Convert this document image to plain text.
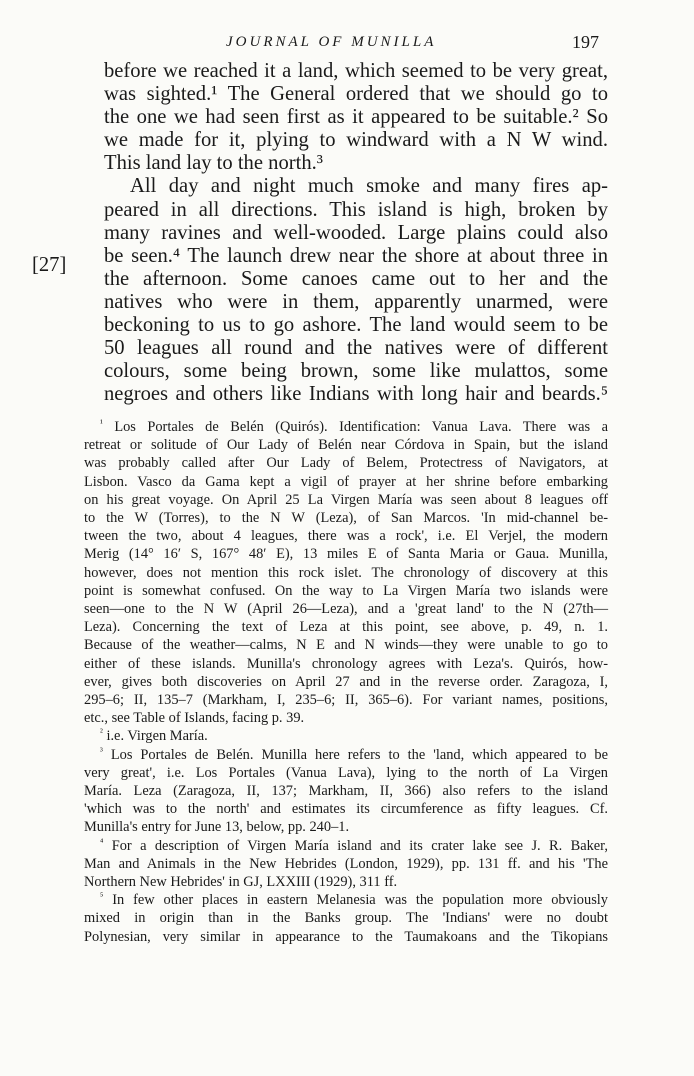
JOURNAL OF MUNILLA	197
[27]

before we reached it a land, which seemed to be very great,

was sighted.¹ The General ordered that we should go to

the one we had seen first as it appeared to be suitable.² So

we made for it, plying to windward with a N W wind.

This land lay to the north.³

All day and night much smoke and many fires ap-

peared in all directions. This island is high, broken by

many ravines and well-wooded. Large plains could also

be seen.⁴ The launch drew near the shore at about three in

the afternoon. Some canoes came out to her and the

natives who were in them, apparently unarmed, were

beckoning to us to go ashore. The land would seem to be

50 leagues all round and the natives were of different

colours, some being brown, some like mulattos, some

negroes and others like Indians with long hair and beards.⁵

$^{^1}$ Los Portales de Belén (Quirós). Identification: Vanua Lava. There was a

retreat or solitude of Our Lady of Belén near Córdova in Spain, but the island

was probably called after Our Lady of Belem, Protectress of Navigators, at

Lisbon. Vasco da Gama kept a vigil of prayer at her shrine before embarking

on his great voyage. On April 25 La Virgen María was seen about 8 leagues off

to the W (Torres), to the N W (Leza), of San Marcos. 'In mid-channel be-

tween the two, about 4 leagues, there was a rock', i.e. El Verjel, the modern

Merig (14° 16′ S, 167° 48′ E), 13 miles E of Santa Maria or Gaua. Munilla,

however, does not mention this rock islet. The chronology of discovery at this

point is somewhat confused. On the way to La Virgen María two islands were

seen—one to the N W (April 26—Leza), and a 'great land' to the N (27th—

Leza). Concerning the text of Leza at this point, see above, p. 49, n. 1.

Because of the weather—calms, N E and N winds—they were unable to go to

either of these islands. Munilla's chronology agrees with Leza's. Quirós, how-

ever, gives both discoveries on April 27 and in the reverse order. Zaragoza, I,

295–6; II, 135–7 (Markham, I, 235–6; II, 365–6). For variant names, positions,

etc., see Table of Islands, facing p. 39.

$^{^2}$ i.e. Virgen María.

$^{^3}$ Los Portales de Belén. Munilla here refers to the 'land, which appeared to be

very great', i.e. Los Portales (Vanua Lava), lying to the north of La Virgen

María. Leza (Zaragoza, II, 137; Markham, II, 366) also refers to the island

'which was to the north' and estimates its circumference as fifty leagues. Cf.

Munilla's entry for June 13, below, pp. 240–1.

$^{^4}$ For a description of Virgen María island and its crater lake see J. R. Baker,

Man and Animals in the New Hebrides (London, 1929), pp. 131 ff. and his 'The

Northern New Hebrides' in GJ, LXXIII (1929), 311 ff.

$^{^5}$ In few other places in eastern Melanesia was the population more obviously

mixed in origin than in the Banks group. The 'Indians' were no doubt

Polynesian, very similar in appearance to the Taumakoans and the Tikopians
